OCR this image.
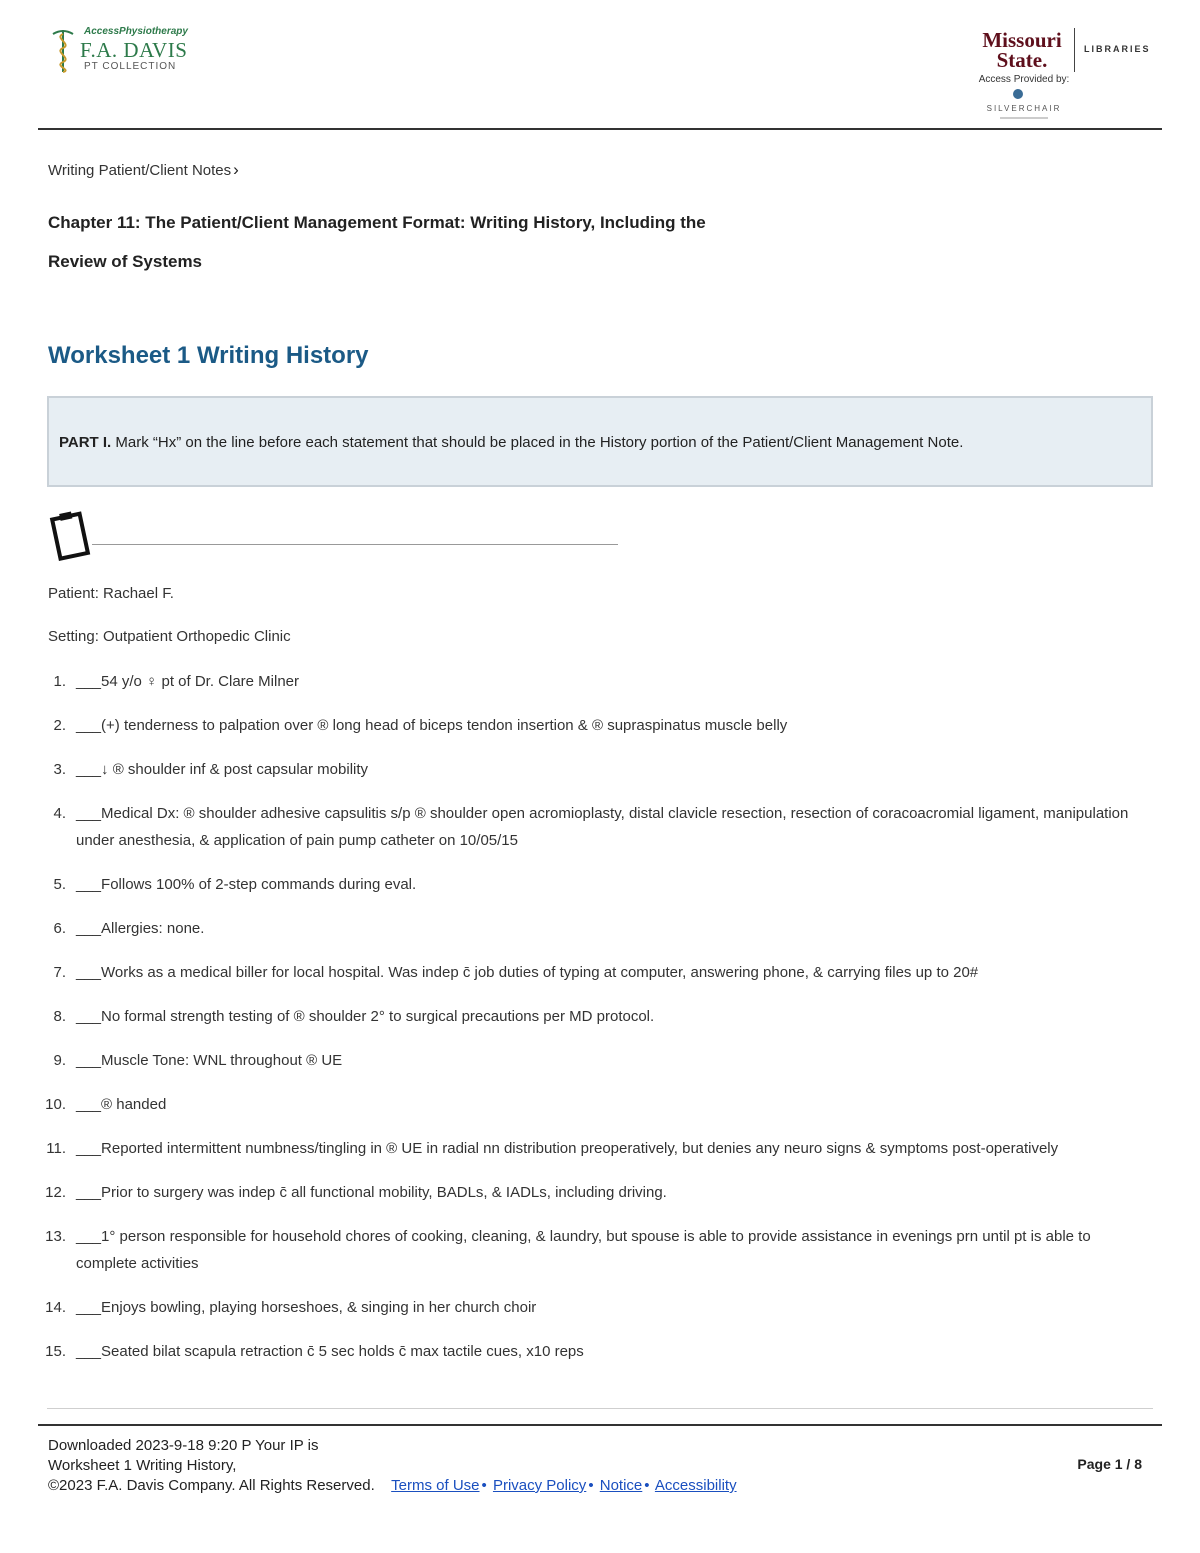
AccessPhysiotherapy
F.A. DAVIS
PT COLLECTION
Missouri
State.	LIBRARIES
Access Provided by:
SILVERCHAIR
Writing Patient/Client Notes ›
Chapter 11: The Patient/Client Management Format: Writing History, Including the
Review of Systems
Worksheet 1 Writing History
PART I. Mark “Hx” on the line before each statement that should be placed in the History portion of the Patient/Client Management Note.
Patient: Rachael F.
Setting: Outpatient Orthopedic Clinic
1. ___54 y/o ♀ pt of Dr. Clare Milner
2. ___(+) tenderness to palpation over ® long head of biceps tendon insertion & ® supraspinatus muscle belly
3. ___↓ ® shoulder inf & post capsular mobility
4. ___Medical Dx: ® shoulder adhesive capsulitis s/p ® shoulder open acromioplasty, distal clavicle resection, resection of coracoacromial ligament, manipulation under anesthesia, & application of pain pump catheter on 10/05/15
5. ___Follows 100% of 2-step commands during eval.
6. ___Allergies: none.
7. ___Works as a medical biller for local hospital. Was indep c̄ job duties of typing at computer, answering phone, & carrying files up to 20#
8. ___No formal strength testing of ® shoulder 2° to surgical precautions per MD protocol.
9. ___Muscle Tone: WNL throughout ® UE
10. ___® handed
11. ___Reported intermittent numbness/tingling in ® UE in radial nn distribution preoperatively, but denies any neuro signs & symptoms post-operatively
12. ___Prior to surgery was indep c̄ all functional mobility, BADLs, & IADLs, including driving.
13. ___1° person responsible for household chores of cooking, cleaning, & laundry, but spouse is able to provide assistance in evenings prn until pt is able to complete activities
14. ___Enjoys bowling, playing horseshoes, & singing in her church choir
15. ___Seated bilat scapula retraction c̄ 5 sec holds c̄ max tactile cues, x10 reps
Downloaded 2023-9-18 9:20 P Your IP is
Worksheet 1 Writing History,
©2023 F.A. Davis Company. All Rights Reserved. Terms of Use • Privacy Policy • Notice • Accessibility
Page 1 / 8
